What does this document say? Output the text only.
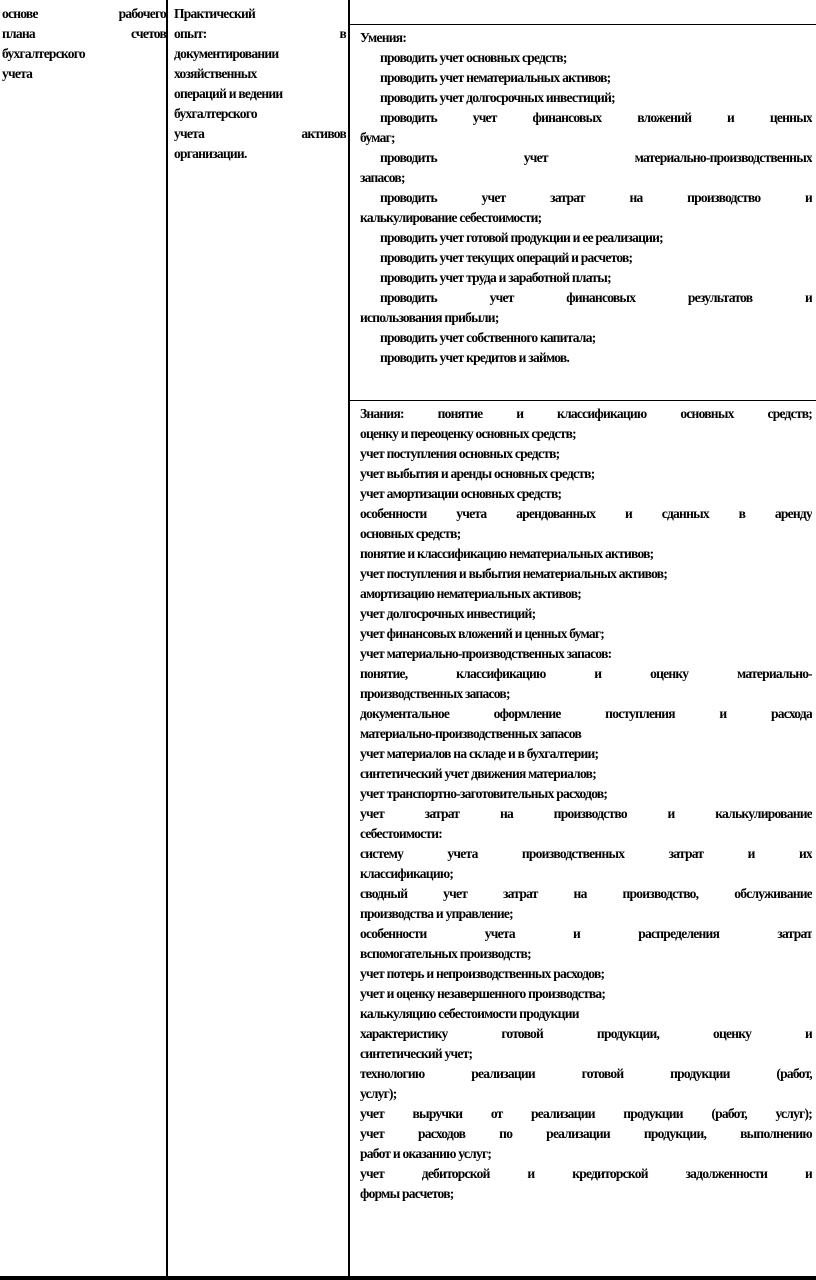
основе рабочего
плана счетов
бухгалтерского
учета
Практический
опыт: в
документировании
хозяйственных
операций и ведении
бухгалтерского
учета активов
организации.
Умения:
проводить учет основных средств;
проводить учет нематериальных активов;
проводить учет долгосрочных инвестиций;
проводить учет финансовых вложений и ценных
бумаг;
проводить учет материально-производственных
запасов;
проводить учет затрат на производство и
калькулирование себестоимости;
проводить учет готовой продукции и ее реализации;
проводить учет текущих операций и расчетов;
проводить учет труда и заработной платы;
проводить учет финансовых результатов и
использования прибыли;
проводить учет собственного капитала;
проводить учет кредитов и займов.
Знания: понятие и классификацию основных средств;
оценку и переоценку основных средств;
учет поступления основных средств;
учет выбытия и аренды основных средств;
учет амортизации основных средств;
особенности учета арендованных и сданных в аренду
основных средств;
понятие и классификацию нематериальных активов;
учет поступления и выбытия нематериальных активов;
амортизацию нематериальных активов;
учет долгосрочных инвестиций;
учет финансовых вложений и ценных бумаг;
учет материально-производственных запасов:
понятие, классификацию и оценку материально-
производственных запасов;
документальное оформление поступления и расхода
материально-производственных запасов
учет материалов на складе и в бухгалтерии;
синтетический учет движения материалов;
учет транспортно-заготовительных расходов;
учет затрат на производство и калькулирование
себестоимости:
систему учета производственных затрат и их
классификацию;
сводный учет затрат на производство, обслуживание
производства и управление;
особенности учета и распределения затрат
вспомогательных производств;
учет потерь и непроизводственных расходов;
учет и оценку незавершенного производства;
калькуляцию себестоимости продукции
характеристику готовой продукции, оценку и
синтетический учет;
технологию реализации готовой продукции (работ,
услуг);
учет выручки от реализации продукции (работ, услуг);
учет расходов по реализации продукции, выполнению
работ и оказанию услуг;
учет дебиторской и кредиторской задолженности и
формы расчетов;
